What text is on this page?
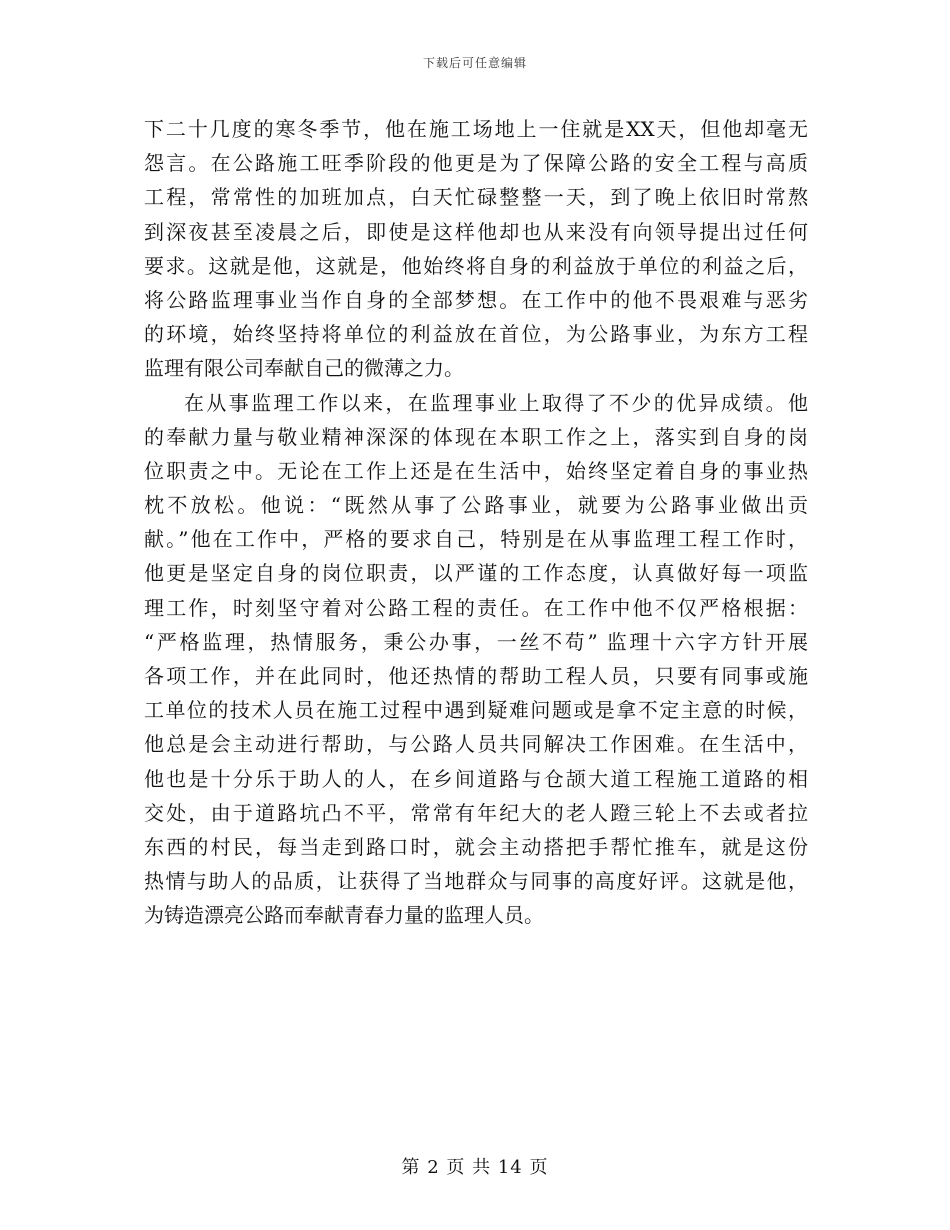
下载后可任意编辑
下二十几度的寒冬季节，他在施工场地上一住就是XX天，但他却毫无
怨言。在公路施工旺季阶段的他更是为了保障公路的安全工程与高质
工程，常常性的加班加点，白天忙碌整整一天，到了晚上依旧时常熬
到深夜甚至凌晨之后，即使是这样他却也从来没有向领导提出过任何
要求。这就是他，这就是，他始终将自身的利益放于单位的利益之后，
将公路监理事业当作自身的全部梦想。在工作中的他不畏艰难与恶劣
的环境，始终坚持将单位的利益放在首位，为公路事业，为东方工程
监理有限公司奉献自己的微薄之力。
在从事监理工作以来，在监理事业上取得了不少的优异成绩。他
的奉献力量与敬业精神深深的体现在本职工作之上，落实到自身的岗
位职责之中。无论在工作上还是在生活中，始终坚定着自身的事业热
枕不放松。他说：“既然从事了公路事业，就要为公路事业做出贡
献。”他在工作中，严格的要求自己，特别是在从事监理工程工作时，
他更是坚定自身的岗位职责，以严谨的工作态度，认真做好每一项监
理工作，时刻坚守着对公路工程的责任。在工作中他不仅严格根据：
“严格监理，热情服务，秉公办事，一丝不苟” 监理十六字方针开展
各项工作，并在此同时，他还热情的帮助工程人员，只要有同事或施
工单位的技术人员在施工过程中遇到疑难问题或是拿不定主意的时候，
他总是会主动进行帮助，与公路人员共同解决工作困难。在生活中，
他也是十分乐于助人的人，在乡间道路与仓颉大道工程施工道路的相
交处，由于道路坑凸不平，常常有年纪大的老人蹬三轮上不去或者拉
东西的村民，每当走到路口时，就会主动搭把手帮忙推车，就是这份
热情与助人的品质，让获得了当地群众与同事的高度好评。这就是他，
为铸造漂亮公路而奉献青春力量的监理人员。
第 2 页 共 14 页
